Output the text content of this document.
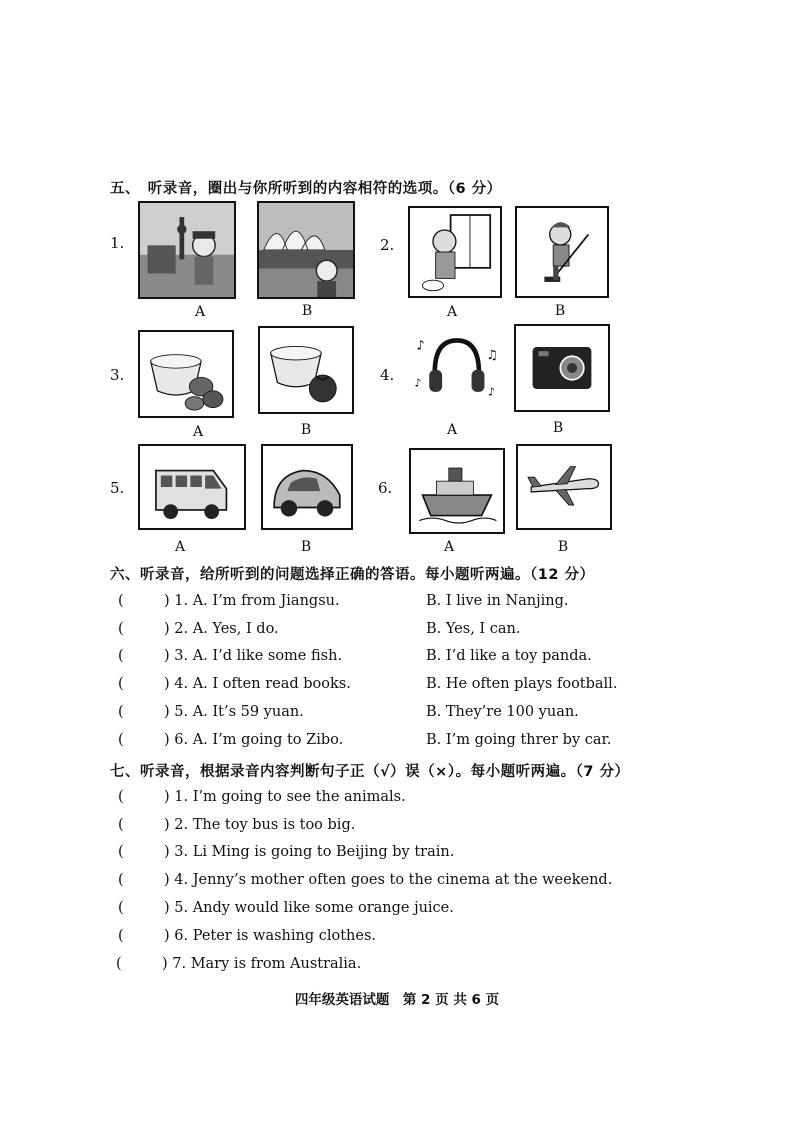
五、　听录音，圈出与你所听到的内容相符的选项。（6 分）
1.
A	B
2.
A	B
3.
A	B
4.
♪
♫
♪
♪
A	B
5.
A	B
6.
A	B
六、听录音，给所听到的问题选择正确的答语。每小题听两遍。（12 分）
(	) 1. A. I’m from Jiangsu.	B. I live in Nanjing.
(	) 2. A. Yes, I do.	B. Yes, I can.
(	) 3. A. I’d like some fish.	B. I’d like a toy panda.
(	) 4. A. I often read books.	B. He often plays football.
(	) 5. A. It’s 59 yuan.	B. They’re 100 yuan.
(	) 6. A. I’m going to Zibo.	B. I’m going threr by car.
七、听录音，根据录音内容判断句子正（√）误（×）。每小题听两遍。（7 分）
(	) 1. I’m going to see the animals.
(	) 2. The toy bus is too big.
(	) 3. Li Ming is going to Beijing by train.
(	) 4. Jenny’s mother often goes to the cinema at the weekend.
(	) 5. Andy would like some orange juice.
(	) 6. Peter is washing clothes.
(	) 7. Mary is from Australia.
四年级英语试题　第 2 页 共 6 页
